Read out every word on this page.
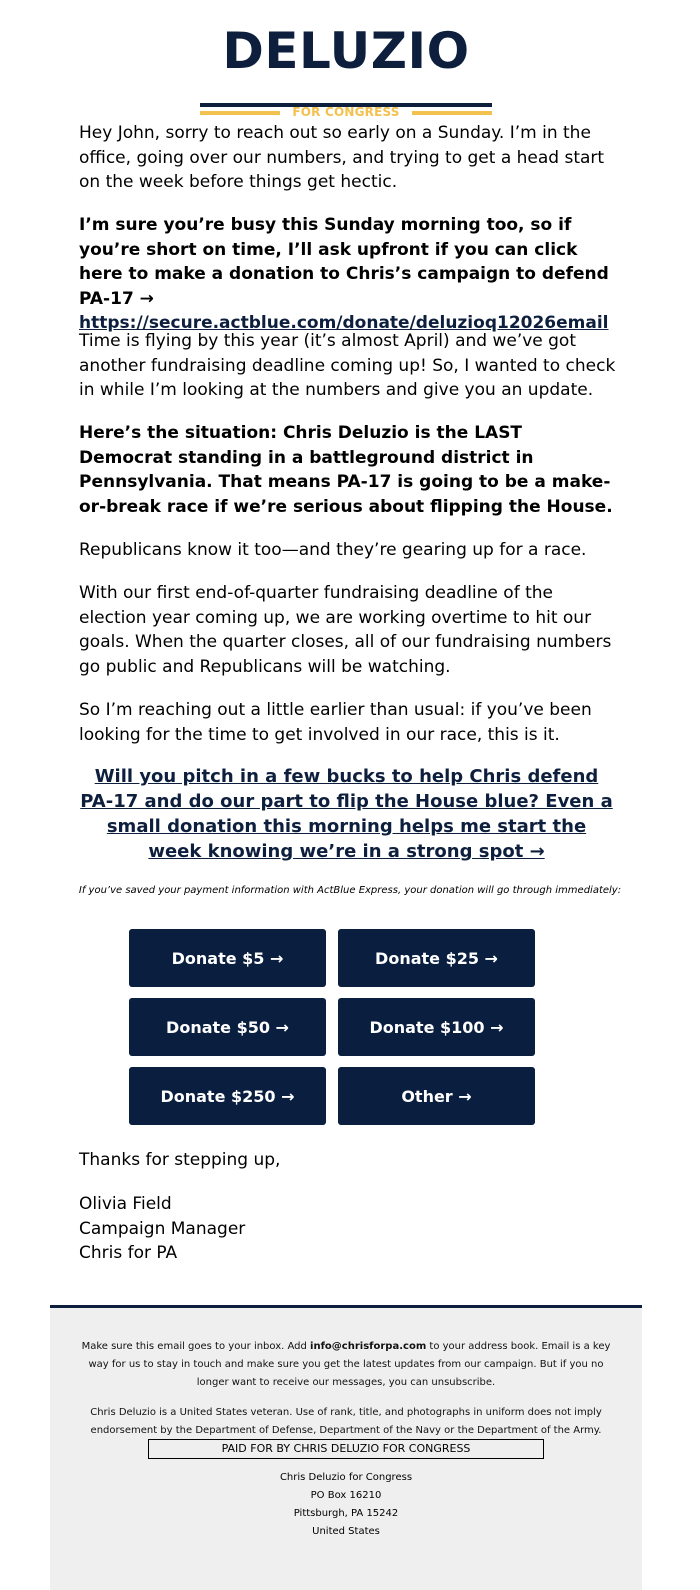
DELUZIO
FOR CONGRESS

Hey John, sorry to reach out so early on a Sunday. I’m in the office, going over our numbers, and trying to get a head start on the week before things get hectic.

I’m sure you’re busy this Sunday morning too, so if you’re short on time, I’ll ask upfront if you can click here to make a donation to Chris’s campaign to defend PA-17 →
https://secure.actblue.com/donate/deluzioq12026email

Time is flying by this year (it’s almost April) and we’ve got another fundraising deadline coming up! So, I wanted to check in while I’m looking at the numbers and give you an update.

Here’s the situation: Chris Deluzio is the LAST Democrat standing in a battleground district in Pennsylvania. That means PA-17 is going to be a make-or-break race if we’re serious about flipping the House.

Republicans know it too—and they’re gearing up for a race.

With our first end-of-quarter fundraising deadline of the election year coming up, we are working overtime to hit our goals. When the quarter closes, all of our fundraising numbers go public and Republicans will be watching.

So I’m reaching out a little earlier than usual: if you’ve been looking for the time to get involved in our race, this is it.

Will you pitch in a few bucks to help Chris defend PA-17 and do our part to flip the House blue? Even a small donation this morning helps me start the week knowing we’re in a strong spot →
If you’ve saved your payment information with ActBlue Express, your donation will go through immediately:
Donate $5 →	Donate $25 →
Donate $50 →	Donate $100 →
Donate $250 →	Other →
Thanks for stepping up,
Olivia Field
Campaign Manager
Chris for PA
Make sure this email goes to your inbox. Add info@chrisforpa.com to your address book. Email is a key way for us to stay in touch and make sure you get the latest updates from our campaign. But if you no longer want to receive our messages, you can unsubscribe.
Chris Deluzio is a United States veteran. Use of rank, title, and photographs in uniform does not imply endorsement by the Department of Defense, Department of the Navy or the Department of the Army.
PAID FOR BY CHRIS DELUZIO FOR CONGRESS
Chris Deluzio for Congress
PO Box 16210
Pittsburgh, PA 15242
United States
